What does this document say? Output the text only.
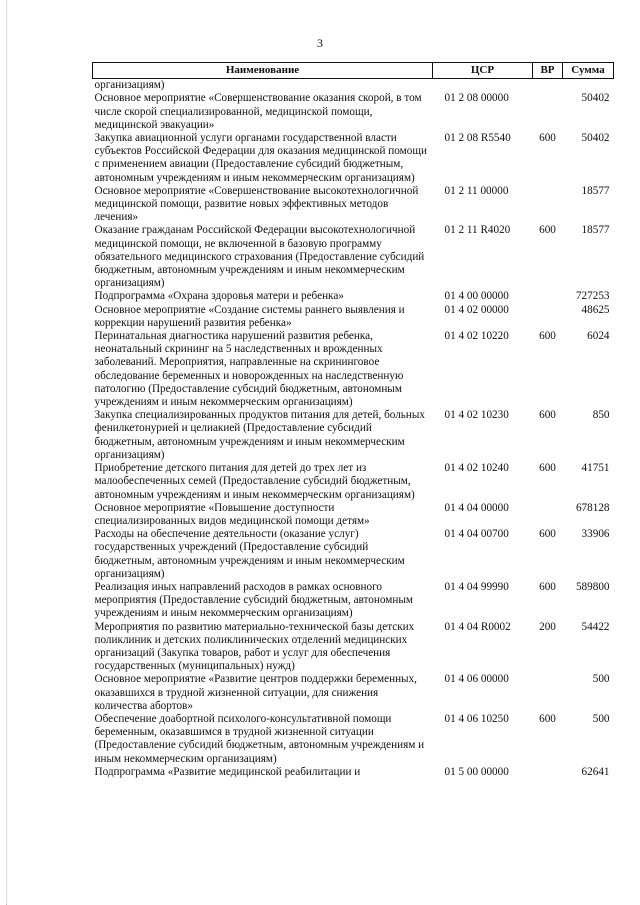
3
Наименование	ЦСР	ВР	Сумма
организациям)			
Основное мероприятие «Совершенствование оказания скорой, в том числе скорой специализированной, медицинской помощи, медицинской эвакуации»	01 2 08 00000		50402
Закупка авиационной услуги органами государственной власти субъектов Российской Федерации для оказания медицинской помощи с применением авиации (Предоставление субсидий бюджетным, автономным учреждениям и иным некоммерческим организациям)	01 2 08 R5540	600	50402
Основное мероприятие «Совершенствование высокотехнологичной медицинской помощи, развитие новых эффективных методов лечения»	01 2 11 00000		18577
Оказание гражданам Российской Федерации высокотехнологичной медицинской помощи, не включенной в базовую программу обязательного медицинского страхования (Предоставление субсидий бюджетным, автономным учреждениям и иным некоммерческим организациям)	01 2 11 R4020	600	18577
Подпрограмма «Охрана здоровья матери и ребенка»	01 4 00 00000		727253
Основное мероприятие «Создание системы раннего выявления и коррекции нарушений развития ребенка»	01 4 02 00000		48625
Перинатальная диагностика нарушений развития ребенка, неонатальный скрининг на 5 наследственных и врожденных заболеваний. Мероприятия, направленные на скрининговое обследование беременных и новорожденных на наследственную патологию (Предоставление субсидий бюджетным, автономным учреждениям и иным некоммерческим организациям)	01 4 02 10220	600	6024
Закупка специализированных продуктов питания для детей, больных фенилкетонурией и целиакией (Предоставление субсидий бюджетным, автономным учреждениям и иным некоммерческим организациям)	01 4 02 10230	600	850
Приобретение детского питания для детей до трех лет из малообеспеченных семей (Предоставление субсидий бюджетным, автономным учреждениям и иным некоммерческим организациям)	01 4 02 10240	600	41751
Основное мероприятие «Повышение доступности специализированных видов медицинской помощи детям»	01 4 04 00000		678128
Расходы на обеспечение деятельности (оказание услуг) государственных учреждений (Предоставление субсидий бюджетным, автономным учреждениям и иным некоммерческим организациям)	01 4 04 00700	600	33906
Реализация иных направлений расходов в рамках основного мероприятия (Предоставление субсидий бюджетным, автономным учреждениям и иным некоммерческим организациям)	01 4 04 99990	600	589800
Мероприятия по развитию материально-технической базы детских поликлиник и детских поликлинических отделений медицинских организаций (Закупка товаров, работ и услуг для обеспечения государственных (муниципальных) нужд)	01 4 04 R0002	200	54422
Основное мероприятие «Развитие центров поддержки беременных, оказавшихся в трудной жизненной ситуации, для снижения количества абортов»	01 4 06 00000		500
Обеспечение доабортной психолого-консультативной помощи беременным, оказавшимся в трудной жизненной ситуации (Предоставление субсидий бюджетным, автономным учреждениям и иным некоммерческим организациям)	01 4 06 10250	600	500
Подпрограмма «Развитие медицинской реабилитации и	01 5 00 00000		62641
